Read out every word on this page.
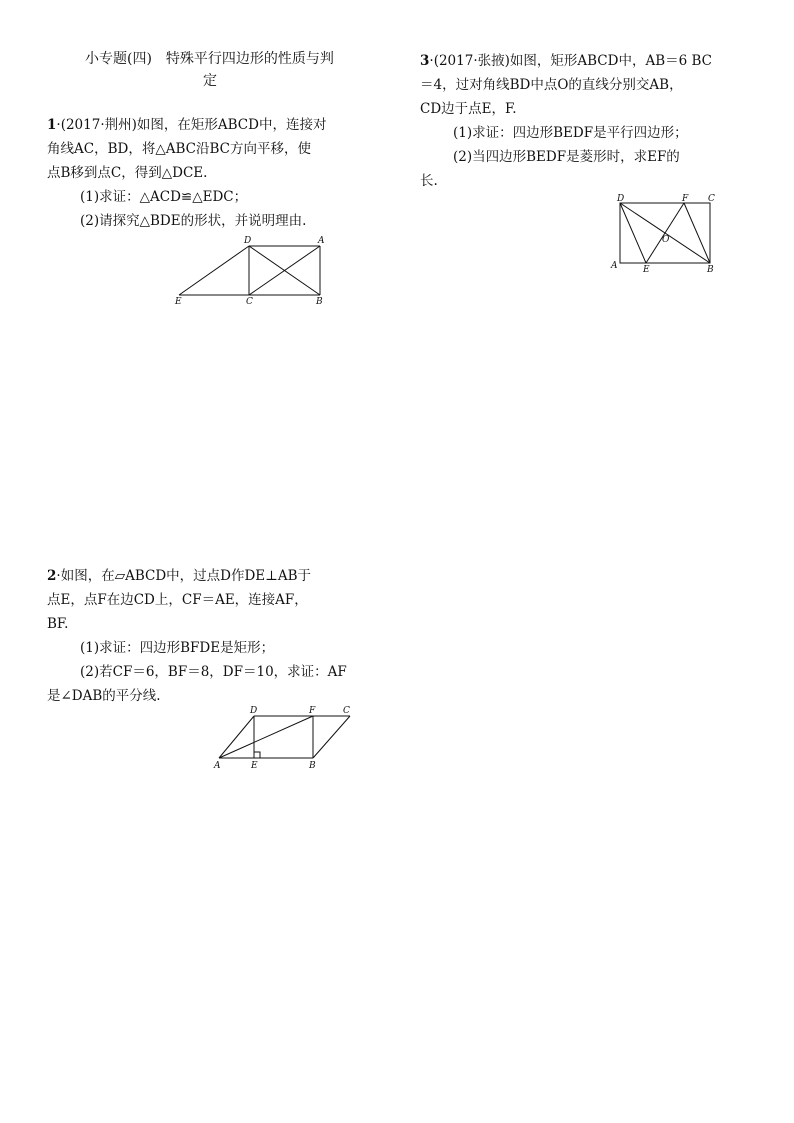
小专题(四)　特殊平行四边形的性质与判
定
1·(2017·荆州)如图，在矩形ABCD中，连接对
角线AC，BD，将△ABC沿BC方向平移，使
点B移到点C，得到△DCE.
(1)求证：△ACD≌△EDC；
(2)请探究△BDE的形状，并说明理由.
D	A
E	C	B
2·如图，在▱ABCD中，过点D作DE⊥AB于
点E，点F在边CD上，CF＝AE，连接AF，
BF.
(1)求证：四边形BFDE是矩形；
(2)若CF＝6，BF＝8，DF＝10，求证：AF
是∠DAB的平分线.
D	F	C
A	E	B
3·(2017·张掖)如图，矩形ABCD中，AB＝6 BC
＝4，过对角线BD中点O的直线分别交AB，
CD边于点E，F.
(1)求证：四边形BEDF是平行四边形；
(2)当四边形BEDF是菱形时，求EF的
长.
D	F C
O
A	E	B
